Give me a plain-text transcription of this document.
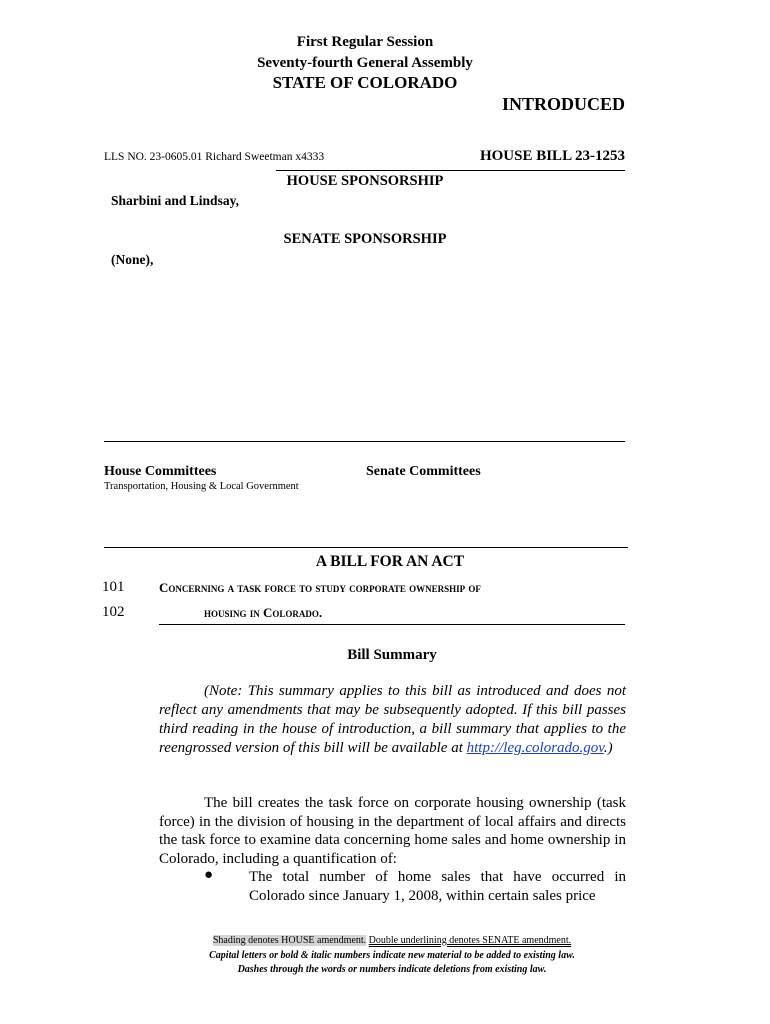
First Regular Session
Seventy-fourth General Assembly
STATE OF COLORADO
INTRODUCED
LLS NO. 23-0605.01 Richard Sweetman x4333	HOUSE BILL 23-1253
HOUSE SPONSORSHIP
Sharbini and Lindsay,
SENATE SPONSORSHIP
(None),
House Committees
Transportation, Housing & Local Government
Senate Committees
A BILL FOR AN ACT
101	Concerning a task force to study corporate ownership of
102	housing in Colorado.
Bill Summary

(Note: This summary applies to this bill as introduced and does not reflect any amendments that may be subsequently adopted. If this bill passes third reading in the house of introduction, a bill summary that applies to the reengrossed version of this bill will be available at http://leg.colorado.gov.)

The bill creates the task force on corporate housing ownership (task force) in the division of housing in the department of local affairs and directs the task force to examine data concerning home sales and home ownership in Colorado, including a quantification of:

● The total number of home sales that have occurred in Colorado since January 1, 2008, within certain sales price
Shading denotes HOUSE amendment. Double underlining denotes SENATE amendment.
Capital letters or bold & italic numbers indicate new material to be added to existing law.
Dashes through the words or numbers indicate deletions from existing law.
